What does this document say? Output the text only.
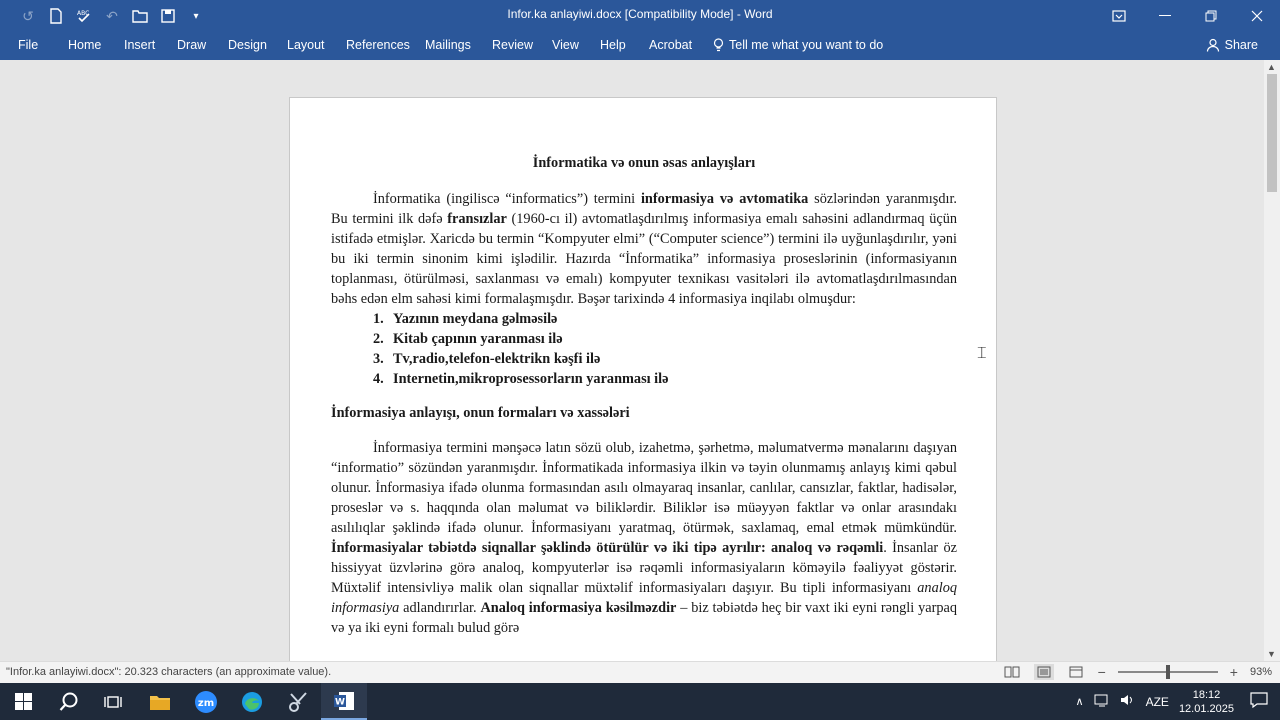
↺	ABC	↶	▾	Infor.ka anlayiwi.docx [Compatibility Mode] - Word
File Home Insert Draw Design Layout References Mailings Review View Help Acrobat	Tell me what you want to do	Share
İnformatika və onun əsas anlayışları
İnformatika (ingiliscə “informatics”) termini informasiya və avtomatika sözlərindən yaranmışdır. Bu termini ilk dəfə fransızlar (1960-cı il) avtomatlaşdırılmış informasiya emalı sahəsini adlandırmaq üçün istifadə etmişlər. Xaricdə bu termin “Kompyuter elmi” (“Computer science”) termini ilə uyğunlaşdırılır, yəni bu iki termin sinonim kimi işlədilir. Hazırda “İnformatika” informasiya proseslərinin (informasiyanın toplanması, ötürülməsi, saxlanması və emalı) kompyuter texnikası vasitələri ilə avtomatlaşdırılmasından bəhs edən elm sahəsi kimi formalaşmışdır. Bəşər tarixində 4 informasiya inqilabı olmuşdur:
1. Yazının meydana gəlməsilə
2. Kitab çapının yaranması ilə
3. Tv,radio,telefon-elektrikn kəşfi ilə
4. Internetin,mikroprosessorların yaranması ilə
İnformasiya anlayışı, onun formaları və xassələri
İnformasiya termini mənşəcə latın sözü olub, izahetmə, şərhetmə, məlumatvermə mənalarını daşıyan “informatio” sözündən yaranmışdır. İnformatikada informasiya ilkin və təyin olunmamış anlayış kimi qəbul olunur. İnformasiya ifadə olunma formasından asılı olmayaraq insanlar, canlılar, cansızlar, faktlar, hadisələr, proseslər və s. haqqında olan məlumat və biliklərdir. Biliklər isə müəyyən faktlar və onlar arasındakı asılılıqlar şəklində ifadə olunur. İnformasiyanı yaratmaq, ötürmək, saxlamaq, emal etmək mümkündür. İnformasiyalar təbiətdə siqnallar şəklində ötürülür və iki tipə ayrılır: analoq və rəqəmli. İnsanlar öz hissiyyat üzvlərinə görə analoq, kompyuterlər isə rəqəmli informasiyaların köməyilə fəaliyyət göstərir. Müxtəlif intensivliyə malik olan siqnallar müxtəlif informasiyaları daşıyır. Bu tipli informasiyanı analoq informasiya adlandırırlar. Analoq informasiya kəsilməzdir – biz təbiətdə heç bir vaxt iki eyni rəngli yarpaq və ya iki eyni formalı bulud görə
⌶
▲
▼
"Infor.ka anlayiwi.docx": 20.323 characters (an approximate value).	−	+ 93%
zm	W	∧	AZE	18:12
12.01.2025
